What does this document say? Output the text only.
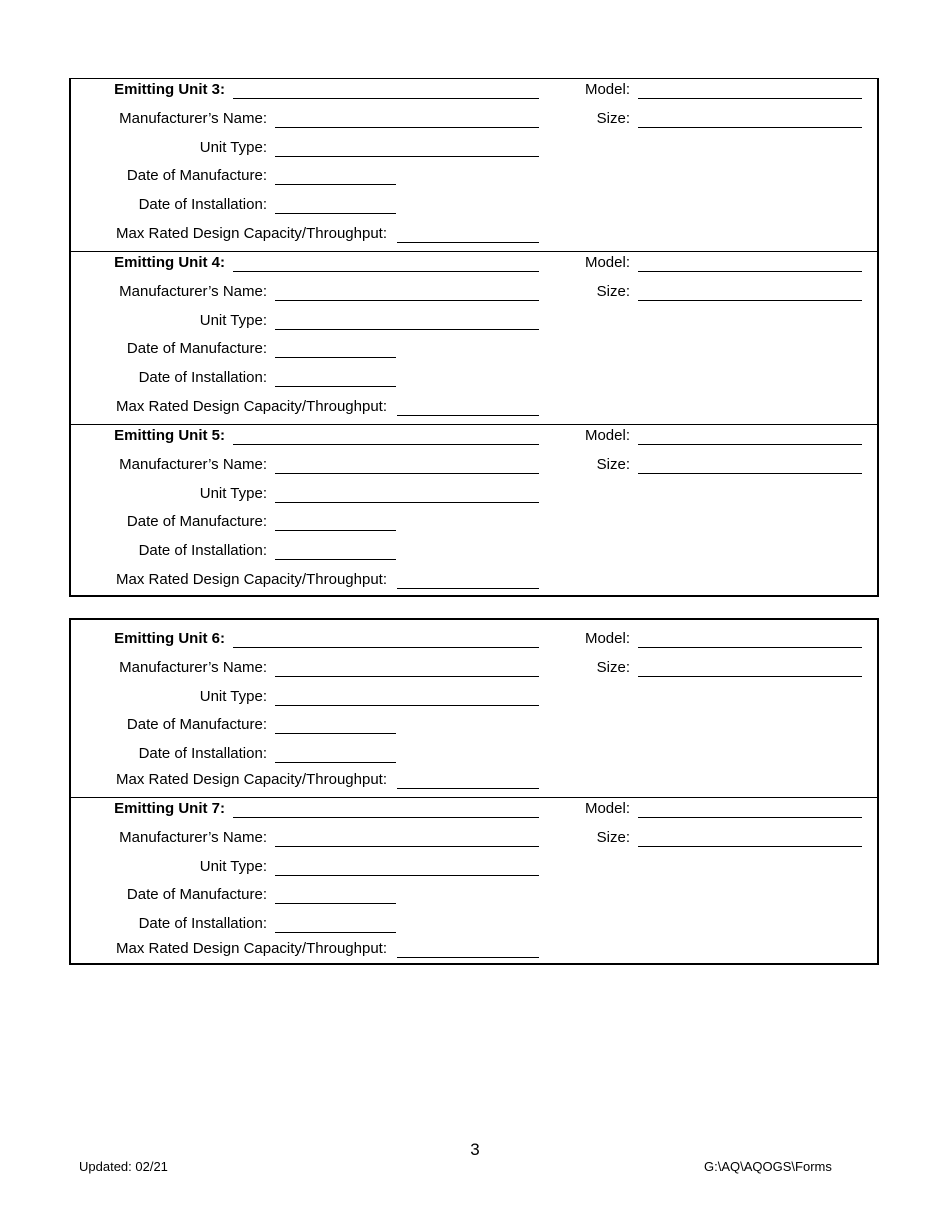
Emitting Unit 3:
Manufacturer’s Name:
Unit Type:
Date of Manufacture:
Date of Installation:
Max Rated Design Capacity/Throughput:
Model:
Size:
Emitting Unit 4:
Manufacturer’s Name:
Unit Type:
Date of Manufacture:
Date of Installation:
Max Rated Design Capacity/Throughput:
Model:
Size:
Emitting Unit 5:
Manufacturer’s Name:
Unit Type:
Date of Manufacture:
Date of Installation:
Max Rated Design Capacity/Throughput:
Model:
Size:
Emitting Unit 6:
Manufacturer’s Name:
Unit Type:
Date of Manufacture:
Date of Installation:
Max Rated Design Capacity/Throughput:
Model:
Size:
Emitting Unit 7:
Manufacturer’s Name:
Unit Type:
Date of Manufacture:
Date of Installation:
Max Rated Design Capacity/Throughput:
Model:
Size:
3
Updated: 02/21	G:\AQ\AQOGS\Forms
